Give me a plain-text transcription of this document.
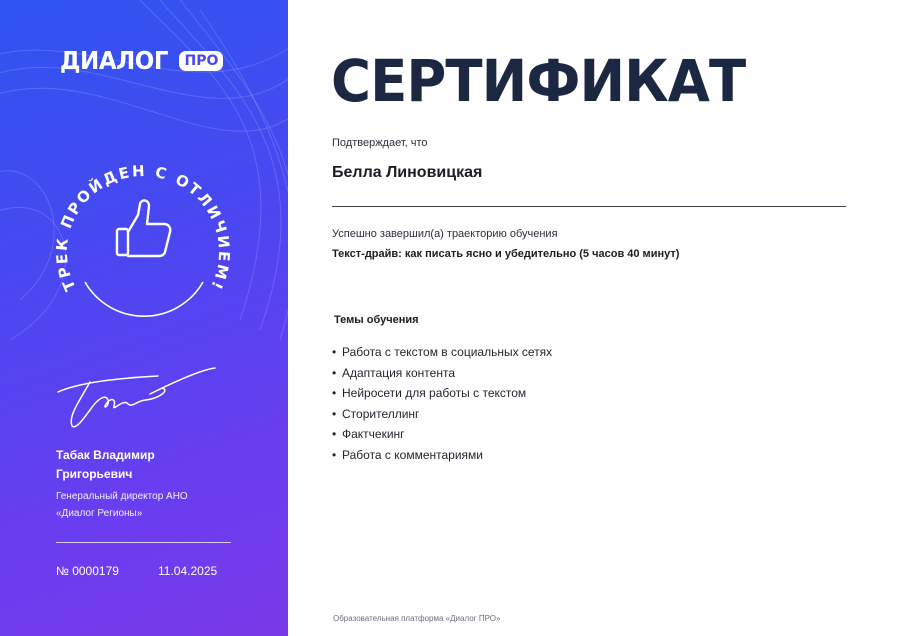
ДИАЛОГ	ПРО
ТРЕК ПРОЙДЕН С ОТЛИЧИЕМ!
Табак Владимир
Григорьевич
Генеральный директор АНО
«Диалог Регионы»
№ 0000179	11.04.2025
СЕРТИФИКАТ
Подтверждает, что
Белла Линовицкая
Успешно завершил(а) траекторию обучения
Текст-драйв: как писать ясно и убедительно (5 часов 40 минут)
Темы обучения
• Работа с текстом в социальных сетях
• Адаптация контента
• Нейросети для работы с текстом
• Сторителлинг
• Фактчекинг
• Работа с комментариями
Образовательная платформа «Диалог ПРО»
